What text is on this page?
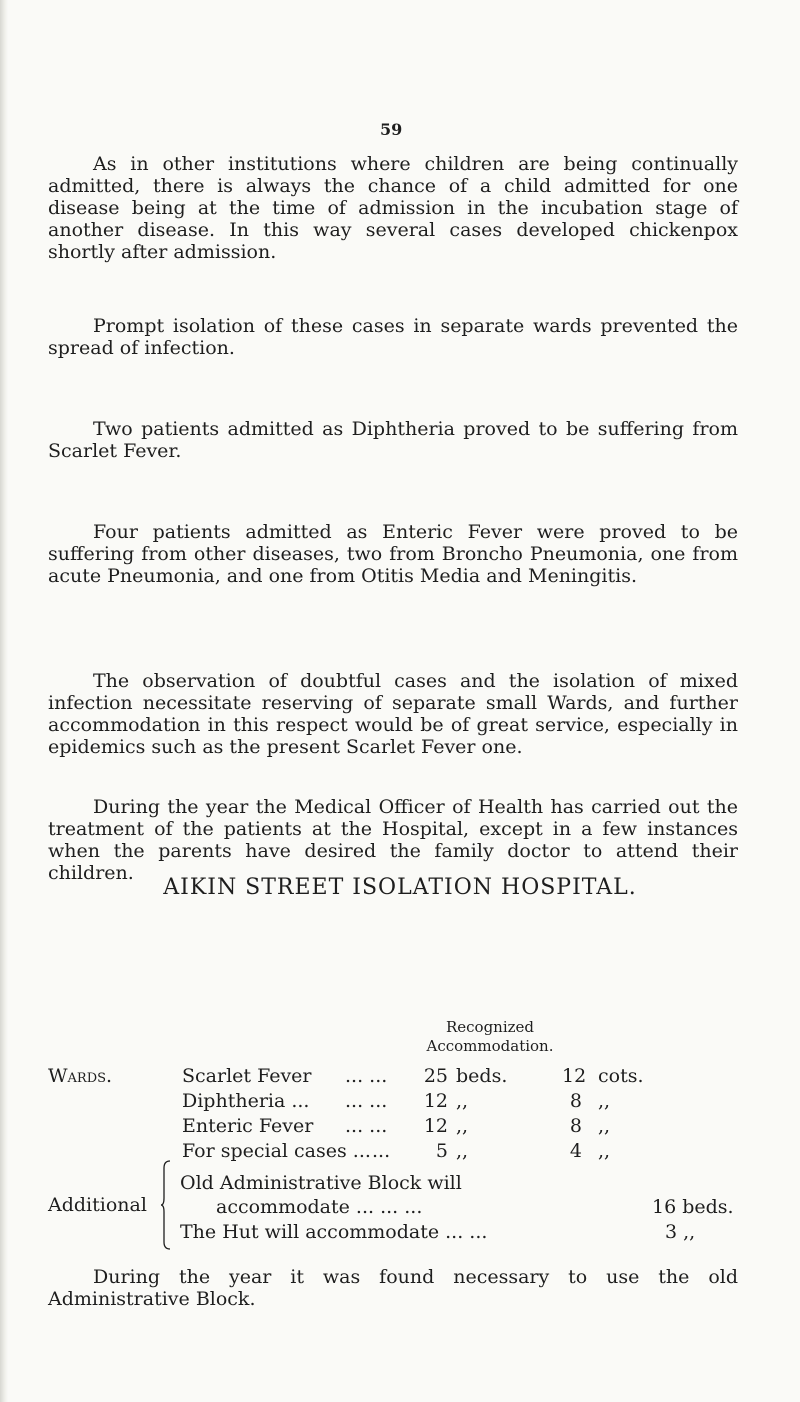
59

As in other institutions where children are being continually admitted, there is always the chance of a child admitted for one disease being at the time of admission in the incubation stage of another disease. In this way several cases developed chickenpox shortly after admission.

Prompt isolation of these cases in separate wards prevented the spread of infection.

Two patients admitted as Diphtheria proved to be suffering from Scarlet Fever.

Four patients admitted as Enteric Fever were proved to be suffering from other diseases, two from Broncho Pneumonia, one from acute Pneumonia, and one from Otitis Media and Meningitis.

The observation of doubtful cases and the isolation of mixed infection necessitate reserving of separate small Wards, and further accommodation in this respect would be of great service, especially in epidemics such as the present Scarlet Fever one.

During the year the Medical Officer of Health has carried out the treatment of the patients at the Hospital, except in a few instances when the parents have desired the family doctor to attend their children.

AIKIN STREET ISOLATION HOSPITAL.
Recognized
Accommodation.
Wards.	Scarlet Fever ... ...	25 beds.	12 cots.
Diphtheria ... ... ...	12 ,,	8 ,,
Enteric Fever ... ...	12 ,,	8 ,,
For special cases ... ...	5 ,,	4 ,,
Additional
Old Administrative Block will
accommodate ... ... ...	16 beds.
The Hut will accommodate ... ...	3 ,,

During the year it was found necessary to use the old Administrative Block.
